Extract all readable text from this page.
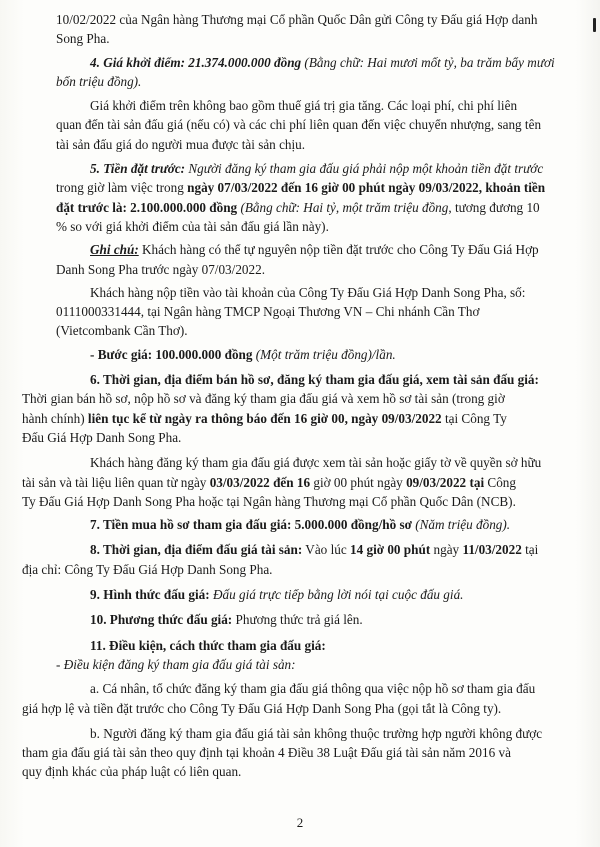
10/02/2022 của Ngân hàng Thương mại Cổ phần Quốc Dân gửi Công ty Đấu giá Hợp danh
Song Pha.

4. Giá khởi điểm: 21.374.000.000 đồng (Bằng chữ: Hai mươi mốt tỷ, ba trăm bẩy mươi
bốn triệu đồng).

Giá khởi điểm trên không bao gồm thuế giá trị gia tăng. Các loại phí, chi phí liên
quan đến tài sản đấu giá (nếu có) và các chi phí liên quan đến việc chuyển nhượng, sang tên
tài sản đấu giá do người mua được tài sản chịu.

5. Tiền đặt trước: Người đăng ký tham gia đấu giá phải nộp một khoản tiền đặt trước
trong giờ làm việc trong ngày 07/03/2022 đến 16 giờ 00 phút ngày 09/03/2022, khoản tiền
đặt trước là: 2.100.000.000 đồng (Bằng chữ: Hai tỷ, một trăm triệu đồng, tương đương 10
% so với giá khởi điểm của tài sản đấu giá lần này).

Ghi chú: Khách hàng có thể tự nguyên nộp tiền đặt trước cho Công Ty Đấu Giá Hợp
Danh Song Pha trước ngày 07/03/2022.

Khách hàng nộp tiền vào tài khoản của Công Ty Đấu Giá Hợp Danh Song Pha, số:
0111000331444, tại Ngân hàng TMCP Ngoại Thương VN – Chi nhánh Cần Thơ
(Vietcombank Cần Thơ).

- Bước giá: 100.000.000 đồng (Một trăm triệu đồng)/lần.

6. Thời gian, địa điểm bán hồ sơ, đăng ký tham gia đấu giá, xem tài sản đấu giá:
Thời gian bán hồ sơ, nộp hồ sơ và đăng ký tham gia đấu giá và xem hồ sơ tài sản (trong giờ
hành chính) liên tục kể từ ngày ra thông báo đến 16 giờ 00, ngày 09/03/2022 tại Công Ty
Đấu Giá Hợp Danh Song Pha.

Khách hàng đăng ký tham gia đấu giá được xem tài sản hoặc giấy tờ về quyền sở hữu
tài sản và tài liệu liên quan từ ngày 03/03/2022 đến 16 giờ 00 phút ngày 09/03/2022 tại Công
Ty Đấu Giá Hợp Danh Song Pha hoặc tại Ngân hàng Thương mại Cổ phần Quốc Dân (NCB).

7. Tiền mua hồ sơ tham gia đấu giá: 5.000.000 đồng/hồ sơ (Năm triệu đồng).

8. Thời gian, địa điểm đấu giá tài sản: Vào lúc 14 giờ 00 phút ngày 11/03/2022 tại
địa chỉ: Công Ty Đấu Giá Hợp Danh Song Pha.

9. Hình thức đấu giá: Đấu giá trực tiếp bằng lời nói tại cuộc đấu giá.

10. Phương thức đấu giá: Phương thức trả giá lên.

11. Điều kiện, cách thức tham gia đấu giá:
- Điều kiện đăng ký tham gia đấu giá tài sản:

a. Cá nhân, tổ chức đăng ký tham gia đấu giá thông qua việc nộp hồ sơ tham gia đấu
giá hợp lệ và tiền đặt trước cho Công Ty Đấu Giá Hợp Danh Song Pha (gọi tắt là Công ty).

b. Người đăng ký tham gia đấu giá tài sản không thuộc trường hợp người không được
tham gia đấu giá tài sản theo quy định tại khoản 4 Điều 38 Luật Đấu giá tài sản năm 2016 và
quy định khác của pháp luật có liên quan.

2
